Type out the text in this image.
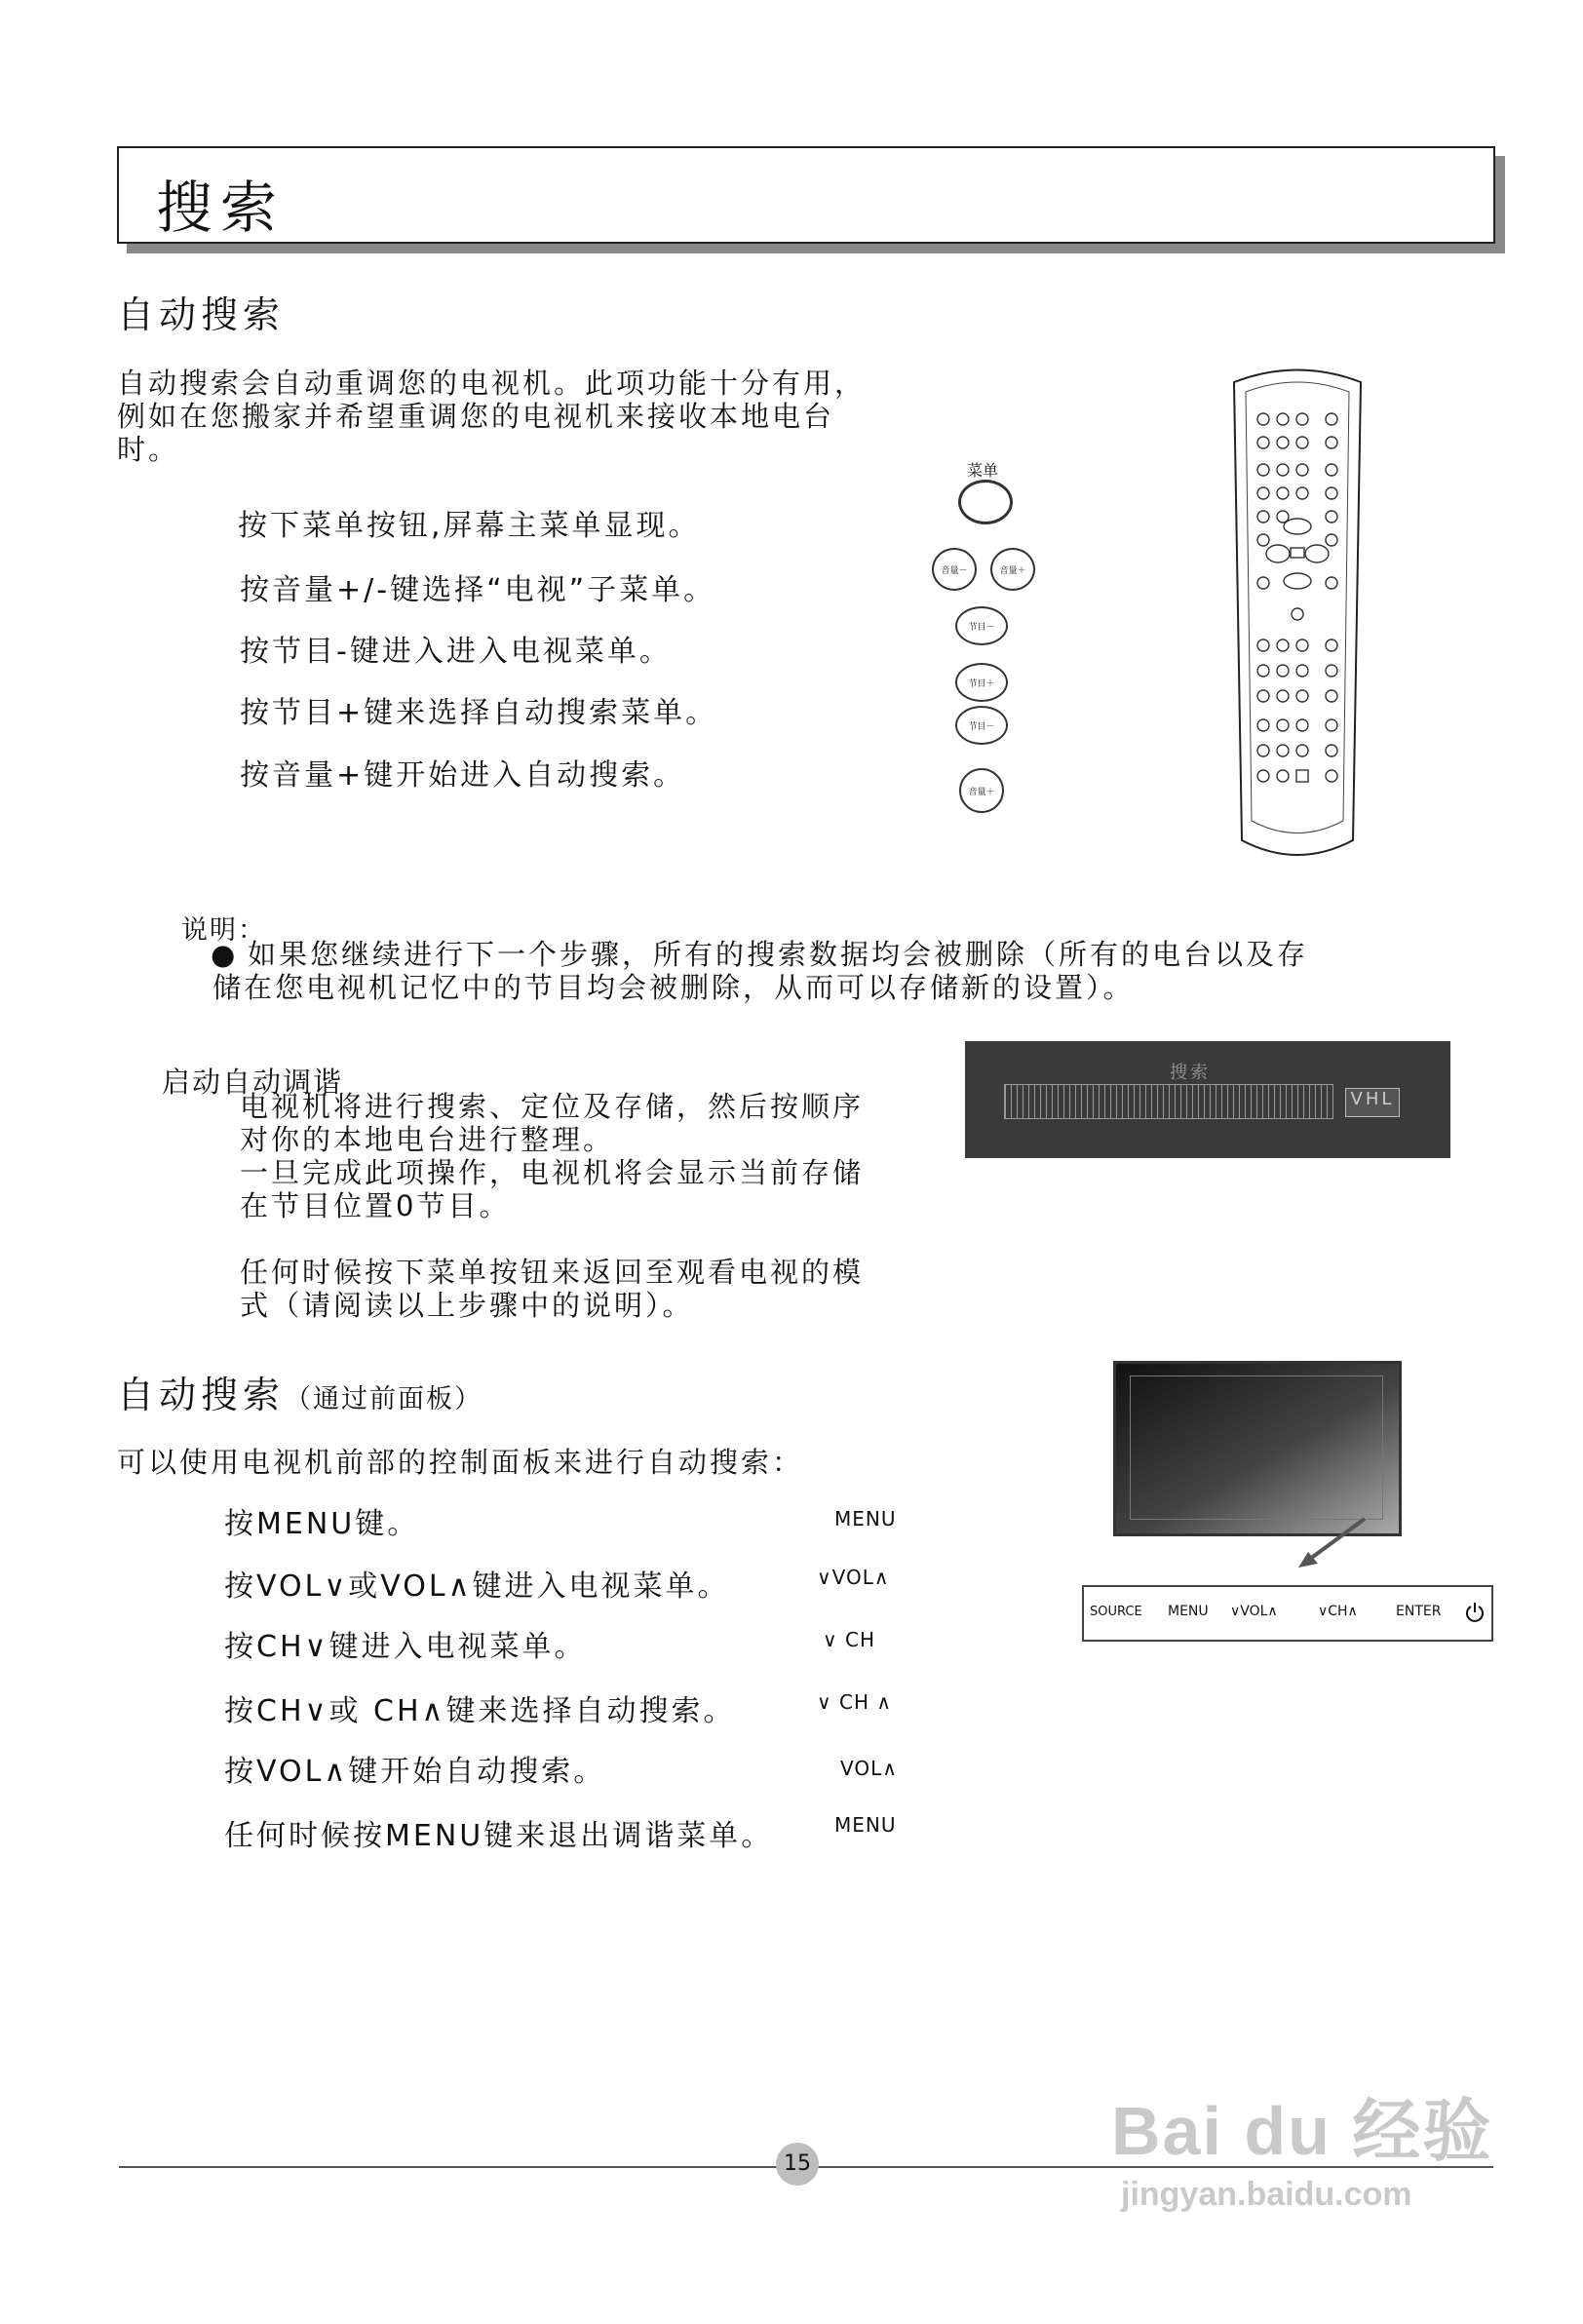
搜索
自动搜索
自动搜索会自动重调您的电视机。此项功能十分有用，
例如在您搬家并希望重调您的电视机来接收本地电台
时。
按下菜单按钮,屏幕主菜单显现。
按音量+/-键选择“电视”子菜单。
按节目-键进入进入电视菜单。
按节目+键来选择自动搜索菜单。
按音量+键开始进入自动搜索。
菜单
音量－	音量＋
节目－
节目＋
节目－
音量＋
说明：
● 如果您继续进行下一个步骤，所有的搜索数据均会被删除（所有的电台以及存
储在您电视机记忆中的节目均会被删除，从而可以存储新的设置）。
启动自动调谐
电视机将进行搜索、定位及存储，然后按顺序
对你的本地电台进行整理。
一旦完成此项操作，电视机将会显示当前存储
在节目位置0节目。
任何时候按下菜单按钮来返回至观看电视的模
式（请阅读以上步骤中的说明）。
搜索
VHL
自动搜索（通过前面板）
可以使用电视机前部的控制面板来进行自动搜索：
按MENU键。
按VOL∨或VOL∧键进入电视菜单。
按CH∨键进入电视菜单。
按CH∨或 CH∧键来选择自动搜索。
按VOL∧键开始自动搜索。
任何时候按MENU键来退出调谐菜单。
MENU
∨VOL∧
∨ CH
∨ CH ∧
VOL∧
MENU
SOURCE MENU ∨VOL∧	∨CH∧	ENTER
15	Bai du 经验
jingyan.baidu.com
